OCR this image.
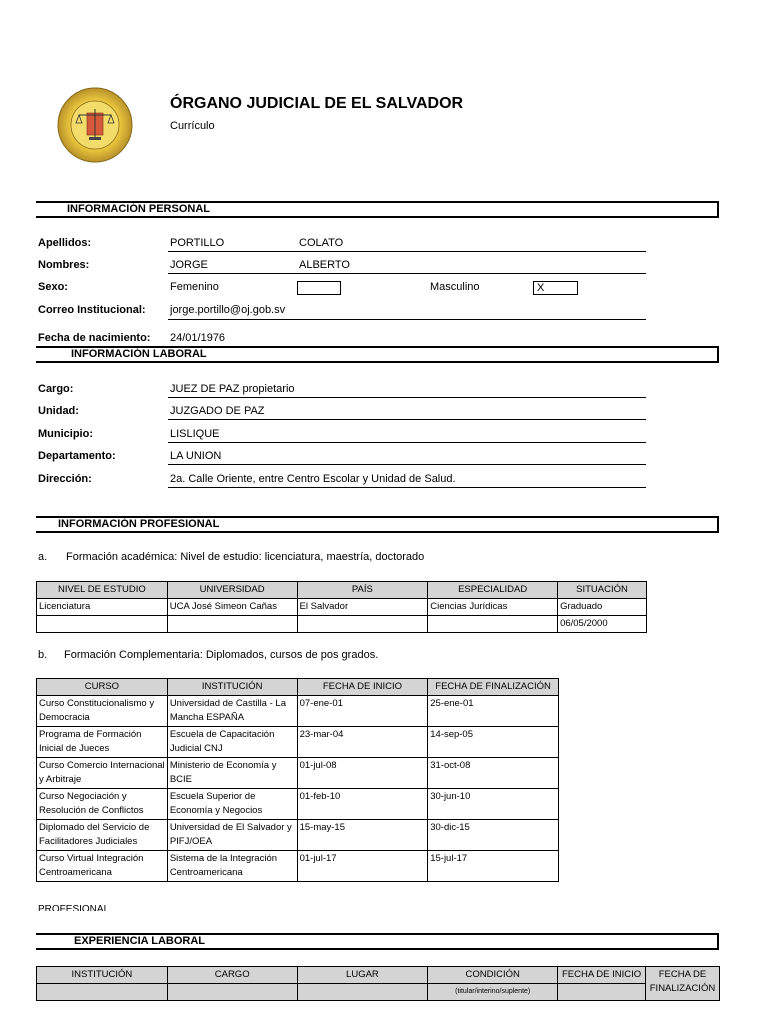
ÓRGANO JUDICIAL DE EL SALVADOR
Currículo
INFORMACIÓN PERSONAL
Apellidos:	PORTILLO	COLATO
Nombres:	JORGE	ALBERTO
Sexo:	Femenino	Masculino	X
Correo Institucional: jorge.portillo@oj.gob.sv
Fecha de nacimiento: 24/01/1976
INFORMACIÓN LABORAL
Cargo:	JUEZ DE PAZ propietario
Unidad:	JUZGADO DE PAZ
Municipio:	LISLIQUE
Departamento:	LA UNION
Dirección:	2a. Calle Oriente, entre Centro Escolar y Unidad de Salud.
INFORMACIÓN PROFESIONAL
a. Formación académica: Nivel de estudio: licenciatura, maestría, doctorado
NIVEL DE ESTUDIO	UNIVERSIDAD	PAÍS	ESPECIALIDAD	SITUACIÓN
Licenciatura	UCA José Simeon Cañas	El Salvador	Ciencias Jurídicas	Graduado
				06/05/2000
b. Formación Complementaria: Diplomados, cursos de pos grados.
CURSO	INSTITUCIÓN	FECHA DE INICIO	FECHA DE FINALIZACIÓN
Curso Constitucionalismo y Democracia	Universidad de Castilla - La Mancha ESPAÑA	07-ene-01	25-ene-01
Programa de Formación Inicial de Jueces	Escuela de Capacitación Judicial CNJ	23-mar-04	14-sep-05
Curso Comercio Internacional y Arbitraje	Ministerio de Economía y BCIE	01-jul-08	31-oct-08
Curso Negociación y Resolución de Conflictos	Escuela Superior de Economía y Negocios	01-feb-10	30-jun-10
Diplomado del Servicio de Facilitadores Judiciales	Universidad de El Salvador y PIFJ/OEA	15-may-15	30-dic-15
Curso Virtual Integración Centroamericana	Sistema de la Integración Centroamericana	01-jul-17	15-jul-17
PROFESIONAL
EXPERIENCIA LABORAL
INSTITUCIÓN	CARGO	LUGAR	CONDICIÓN	FECHA DE INICIO	FECHA DE FINALIZACIÓN
			(titular/interino/suplente)		
